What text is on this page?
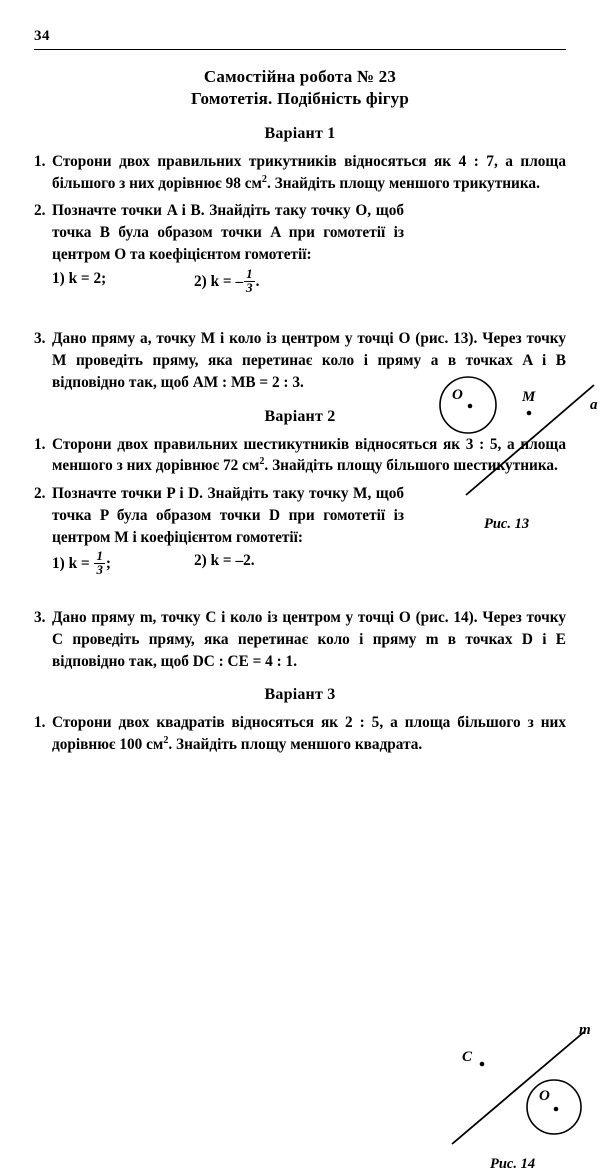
34
Самостійна робота № 23
Гомотетія. Подібність фігур
Варіант 1
1. Сторони двох правильних трикутників відносяться як 4 : 7, а площа більшого з них дорівнює 98 $см^2$. Знайдіть площу меншого трикутника.
2. Позначте точки A і B. Знайдіть таку точку O, щоб точка B була образом точки A при гомотетії із центром O та коефіцієнтом гомотетії:
1) k = 2;	2) k = – $\frac{1}{3}$ .
O	M	a
Рис. 13
3. Дано пряму a, точку M і коло із центром у точці O (рис. 13). Через точку M проведіть пряму, яка перетинає коло і пряму a в точках A і B відповідно так, щоб AM : MB = 2 : 3.
Варіант 2
1. Сторони двох правильних шестикутників відносяться як 3 : 5, а площа меншого з них дорівнює 72 $см^2$. Знайдіть площу більшого шестикутника.
2. Позначте точки P і D. Знайдіть таку точку M, щоб точка P була образом точки D при гомотетії із центром M і коефіцієнтом гомотетії:
1) $k = \frac{1}{3}$ ;	2) k = –2.
C
O
m
Рис. 14
3. Дано пряму m, точку C і коло із центром у точці O (рис. 14). Через точку C проведіть пряму, яка перетинає коло і пряму m в точках D і E відповідно так, щоб DC : CE = 4 : 1.
Варіант 3
1. Сторони двох квадратів відносяться як 2 : 5, а площа більшого з них дорівнює 100 $см^2$. Знайдіть площу меншого квадрата.
